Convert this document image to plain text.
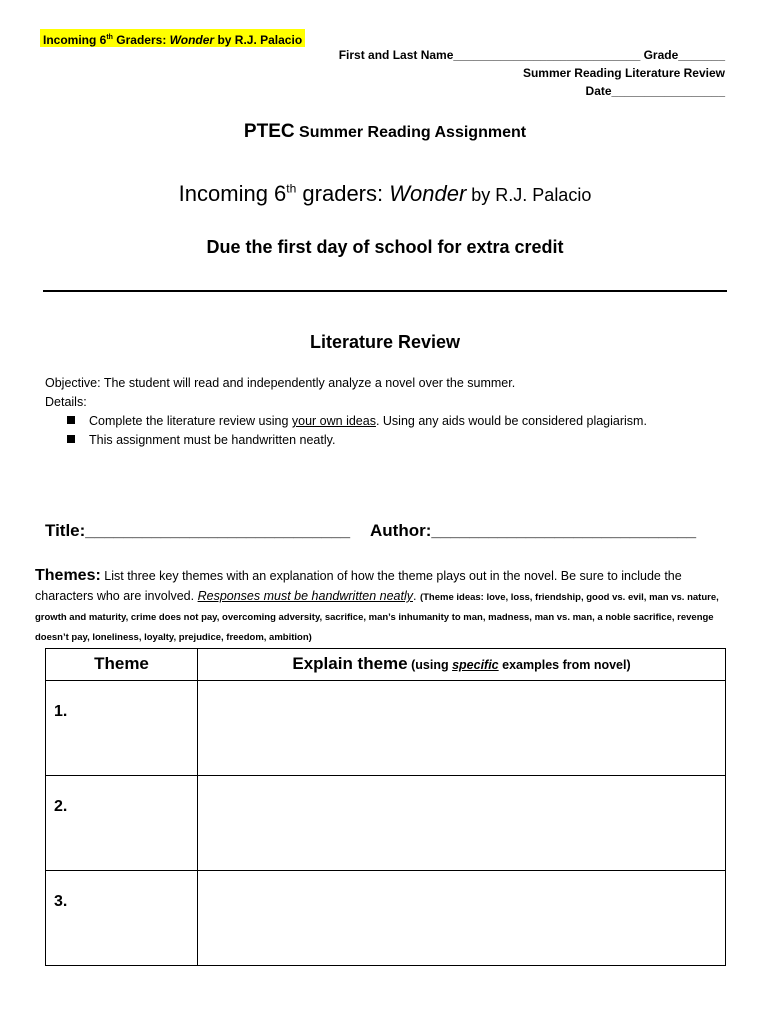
Incoming 6th Graders: Wonder by R.J. Palacio
First and Last Name____________________________ Grade_______
Summer Reading Literature Review
Date_________________
PTEC Summer Reading Assignment
Incoming 6th graders: Wonder by R.J. Palacio
Due the first day of school for extra credit
Literature Review
Objective: The student will read and independently analyze a novel over the summer.
Details:
Complete the literature review using your own ideas. Using any aids would be considered plagiarism.
This assignment must be handwritten neatly.
Title:____________________________ Author:____________________________
Themes: List three key themes with an explanation of how the theme plays out in the novel. Be sure to include the characters who are involved. Responses must be handwritten neatly. (Theme ideas: love, loss, friendship, good vs. evil, man vs. nature, growth and maturity, crime does not pay, overcoming adversity, sacrifice, man’s inhumanity to man, madness, man vs. man, a noble sacrifice, revenge doesn’t pay, loneliness, loyalty, prejudice, freedom, ambition)
Theme	Explain theme (using specific examples from novel)
1.	
2.	
3.	
